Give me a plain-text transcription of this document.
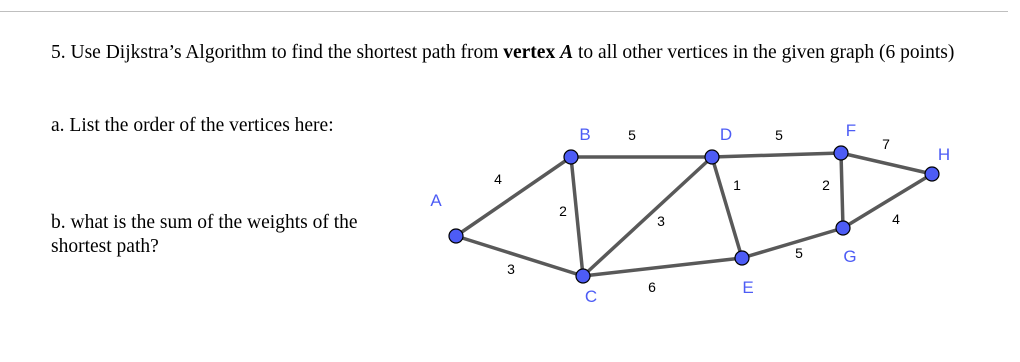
5. Use Dijkstra’s Algorithm to find the shortest path from vertex A to all other vertices in the given graph (6 points)
a. List the order of the vertices here:
b. what is the sum of the weights of the shortest path?
4
3
5
2
3
6
1
5
5
2
7
4
A
B
C
D
E
F
G
H
